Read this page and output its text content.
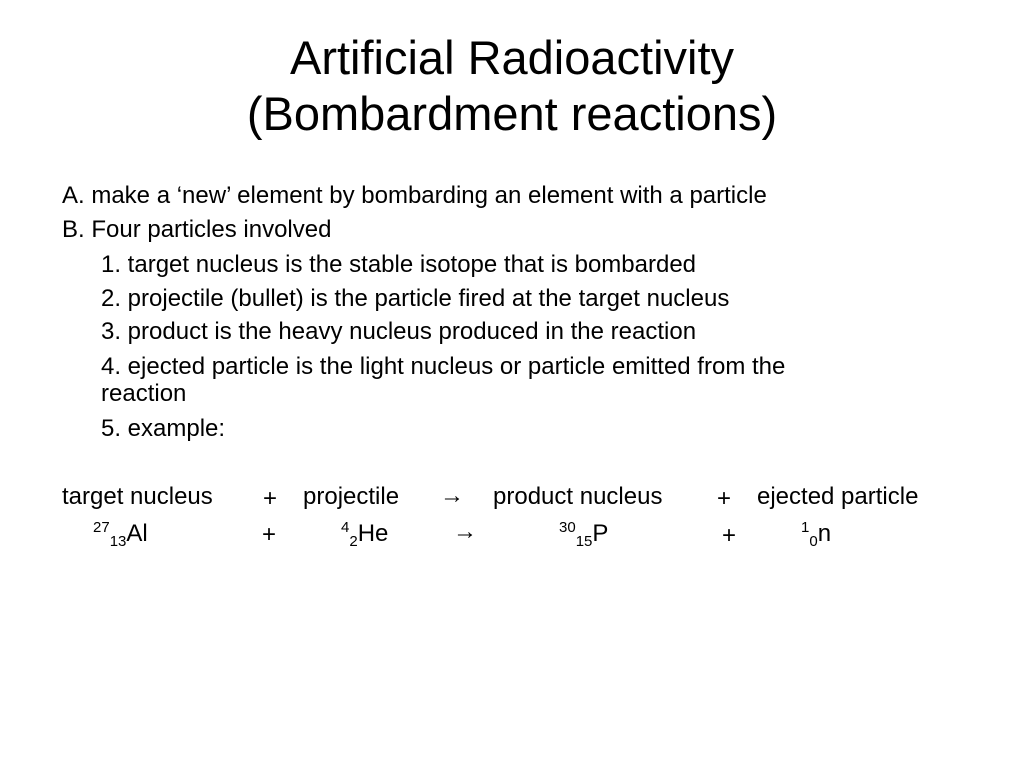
Artificial Radioactivity
(Bombardment reactions)
A. make a ‘new’ element by bombarding an element with a particle
B. Four particles involved
1. target nucleus is the stable isotope that is bombarded
2. projectile (bullet) is the particle fired at the target nucleus
3. product is the heavy nucleus produced in the reaction
4. ejected particle is the light nucleus or particle emitted from the
reaction
5. example:
target nucleus + projectile → product nucleus + ejected particle
$^{27}_{13}$Al	+	$^4_2$He	→	$^{30}_{15}$P	+	$^1_0$n
